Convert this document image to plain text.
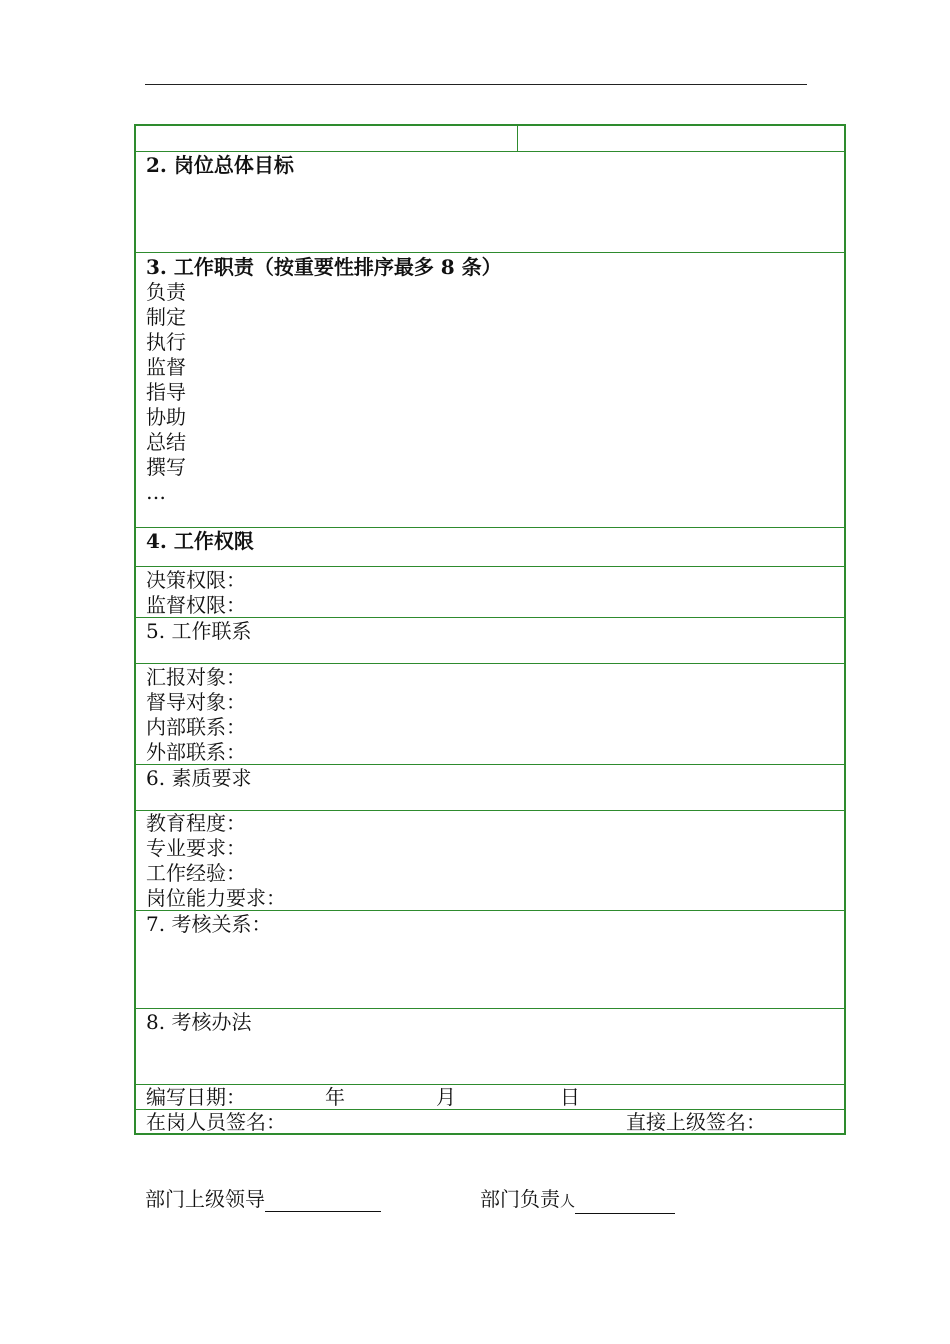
2. 岗位总体目标
3. 工作职责（按重要性排序最多 8 条）
负责
制定
执行
监督
指导
协助
总结
撰写
…
4. 工作权限
决策权限：
监督权限：
5. 工作联系
汇报对象：
督导对象：
内部联系：
外部联系：
6. 素质要求
教育程度：
专业要求：
工作经验：
岗位能力要求：
7. 考核关系：
8. 考核办法
编写日期：	年	月	日
在岗人员签名：	直接上级签名：
部门上级领导	部门负责人
